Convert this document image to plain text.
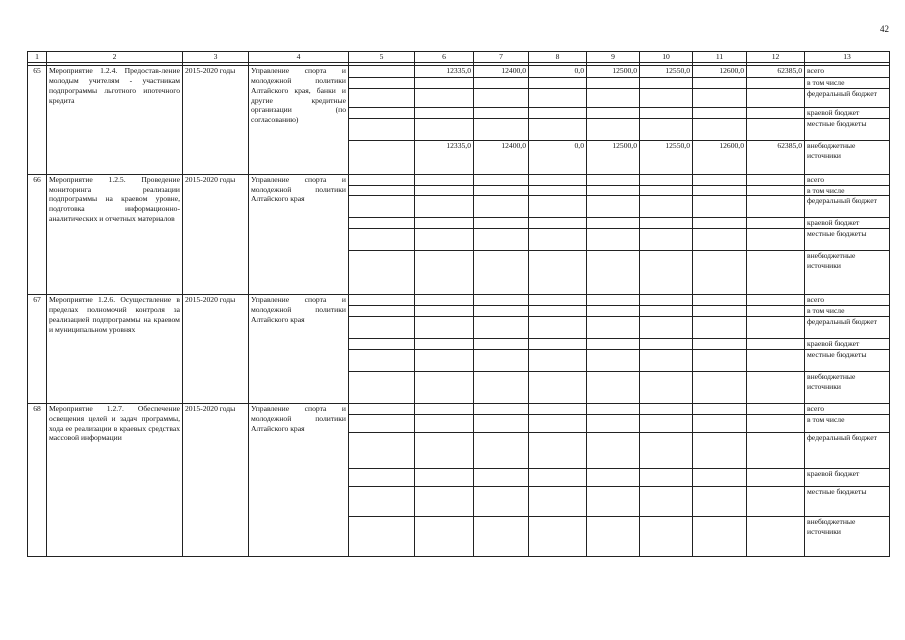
42
1	2	3	4	5	6	7	8	9	10	11	12	13

65	Мероприятие 1.2.4. Предостав-ление молодым учителям - участникам подпрограммы льготного ипотечного кредита	2015-2020 годы	Управление спорта и молодежной политики Алтайского края, банки и другие кредитные организации (по согласованию)		12335,0	12400,0	0,0	12500,0	12550,0	12600,0	62385,0	всего
												в том числе
												федеральный бюджет
												краевой бюджет
												местные бюджеты
					12335,0	12400,0	0,0	12500,0	12550,0	12600,0	62385,0	внебюджетные источники
66	Мероприятие 1.2.5. Проведение мониторинга реализации подпрограммы на краевом уровне, подготовка информационно-аналитических и отчетных материалов	2015-2020 годы	Управление спорта и молодежной политики Алтайского края									всего
												в том числе
												федеральный бюджет
												краевой бюджет
												местные бюджеты
												внебюджетные источники
67	Мероприятие 1.2.6. Осуществление в пределах полномочий контроля за реализацией подпрограммы на краевом и муниципальном уровнях	2015-2020 годы	Управление спорта и молодежной политики Алтайского края									всего
												в том числе
												федеральный бюджет
												краевой бюджет
												местные бюджеты
												внебюджетные источники
68	Мероприятие 1.2.7. Обеспечение освещения целей и задач программы, хода ее реализации в краевых средствах массовой информации	2015-2020 годы	Управление спорта и молодежной политики Алтайского края									всего
												в том числе
												федеральный бюджет
												краевой бюджет
												местные бюджеты
												внебюджетные источники
